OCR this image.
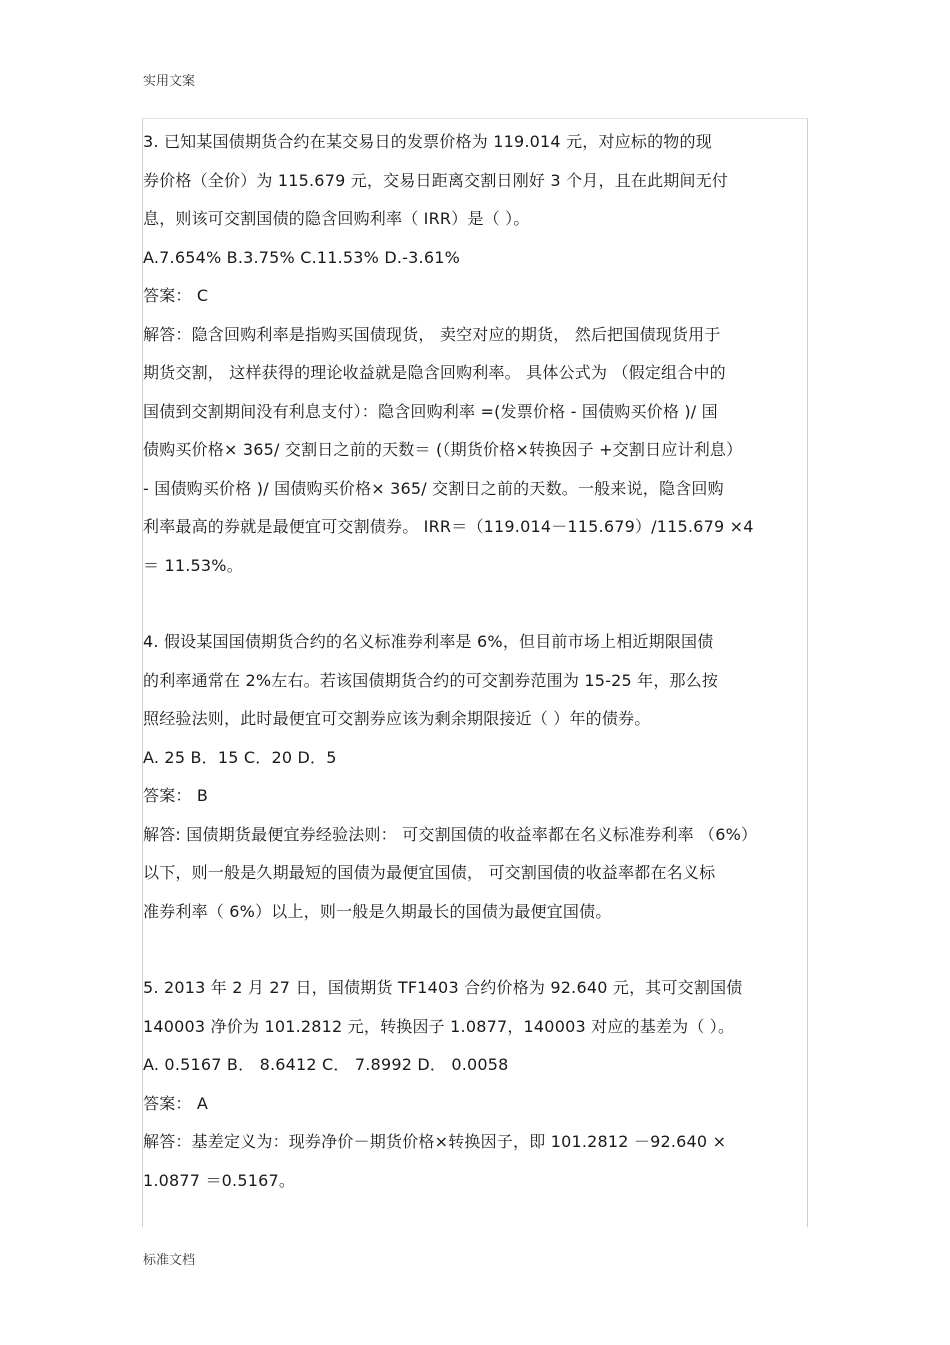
实用文案
3. 已知某国债期货合约在某交易日的发票价格为 119.014 元，对应标的物的现
券价格（全价）为 115.679 元，交易日距离交割日刚好 3 个月，且在此期间无付
息，则该可交割国债的隐含回购利率（ IRR）是（ ）。
A.7.654% B.3.75% C.11.53% D.-3.61%
答案： C
解答：隐含回购利率是指购买国债现货， 卖空对应的期货， 然后把国债现货用于
期货交割， 这样获得的理论收益就是隐含回购利率。 具体公式为 （假定组合中的
国债到交割期间没有利息支付）：隐含回购利率 =(发票价格 - 国债购买价格 )/ 国
债购买价格× 365/ 交割日之前的天数＝ (（期货价格×转换因子 +交割日应计利息）
- 国债购买价格 )/ 国债购买价格× 365/ 交割日之前的天数。一般来说，隐含回购
利率最高的券就是最便宜可交割债券。 IRR＝（119.014－115.679）/115.679 ×4
＝ 11.53%。
4. 假设某国国债期货合约的名义标准券利率是 6%，但目前市场上相近期限国债
的利率通常在 2%左右。若该国债期货合约的可交割券范围为 15-25 年，那么按
照经验法则，此时最便宜可交割券应该为剩余期限接近（ ）年的债券。
A. 25 B．15 C．20 D．5
答案： B
解答: 国债期货最便宜券经验法则： 可交割国债的收益率都在名义标准券利率 （6%）
以下，则一般是久期最短的国债为最便宜国债， 可交割国债的收益率都在名义标
准券利率（ 6%）以上，则一般是久期最长的国债为最便宜国债。
5. 2013 年 2 月 27 日，国债期货 TF1403 合约价格为 92.640 元，其可交割国债
140003 净价为 101.2812 元，转换因子 1.0877，140003 对应的基差为（ ）。
A. 0.5167 B． 8.6412 C． 7.8992 D． 0.0058
答案： A
解答：基差定义为：现券净价－期货价格×转换因子，即 101.2812 －92.640 ×
1.0877 ＝0.5167。
标准文档
